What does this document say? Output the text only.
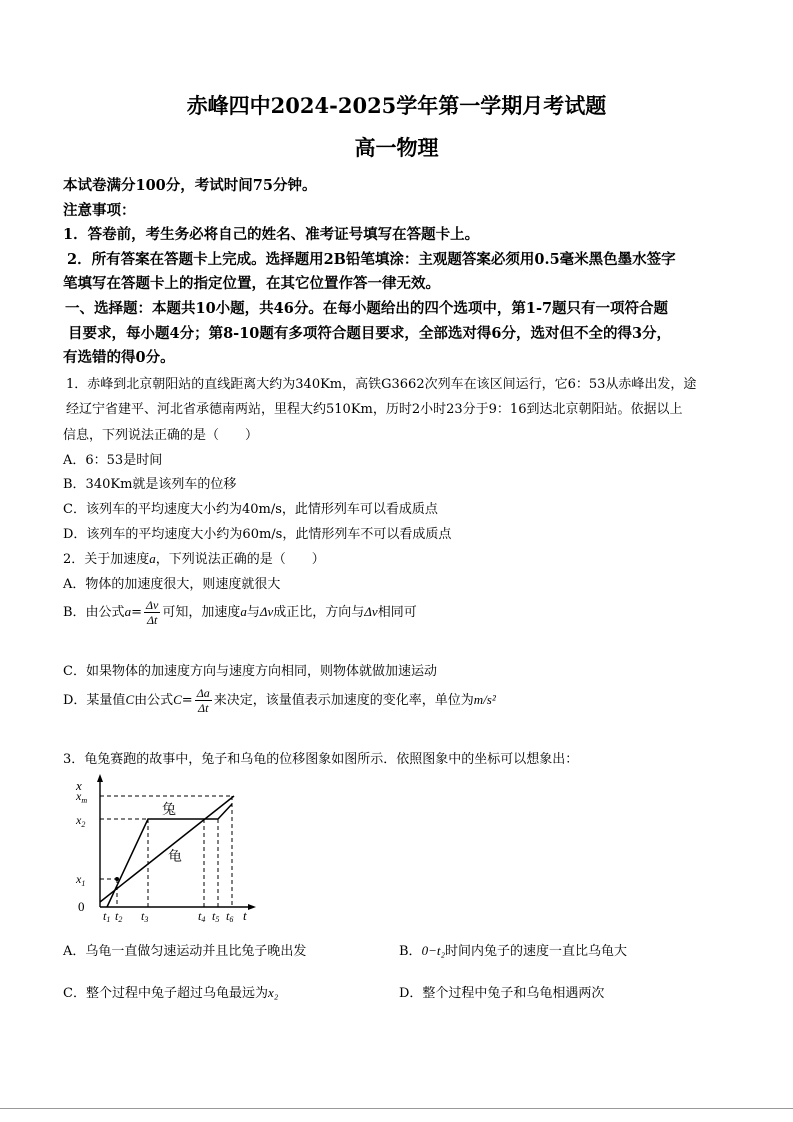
赤峰四中2024-2025学年第一学期月考试题
高一物理
本试卷满分100分，考试时间75分钟。
注意事项：
1．答卷前，考生务必将自己的姓名、准考证号填写在答题卡上。
2．所有答案在答题卡上完成。选择题用2B铅笔填涂：主观题答案必须用0.5毫米黑色墨水签字
笔填写在答题卡上的指定位置，在其它位置作答一律无效。
一、选择题：本题共10小题，共46分。在每小题给出的四个选项中，第1-7题只有一项符合题
目要求，每小题4分；第8-10题有多项符合题目要求，全部选对得6分，选对但不全的得3分，
有选错的得0分。
1．赤峰到北京朝阳站的直线距离大约为340Km，高铁G3662次列车在该区间运行，它6：53从赤峰出发，途
经辽宁省建平、河北省承德南两站，里程大约510Km，历时2小时23分于9：16到达北京朝阳站。依据以上
信息，下列说法正确的是（　　）
A．6：53是时间
B．340Km就是该列车的位移
C．该列车的平均速度大小约为40m/s，此情形列车可以看成质点
D．该列车的平均速度大小约为60m/s，此情形列车不可以看成质点
2．关于加速度a，下列说法正确的是（　　）
A．物体的加速度很大，则速度就很大
B．由公式$a= \frac{\Delta v}{\Delta t}$ 可知，加速度a与Δv成正比，方向与Δv相同可
C．如果物体的加速度方向与速度方向相同，则物体就做加速运动
D．某量值C由公式$C= \frac{\Delta a}{\Delta t}$ 来决定，该量值表示加速度的变化率，单位为m/s²
3．龟兔赛跑的故事中，兔子和乌龟的位移图象如图所示．依照图象中的坐标可以想象出：
x
$x_m$
$x_2$
$x_1$
0
t
t1 t2 t3	t4 t5 t6
兔
龟
A．乌龟一直做匀速运动并且比兔子晚出发	B．0−t₂时间内兔子的速度一直比乌龟大
C．整个过程中兔子超过乌龟最远为x₂	D．整个过程中兔子和乌龟相遇两次
